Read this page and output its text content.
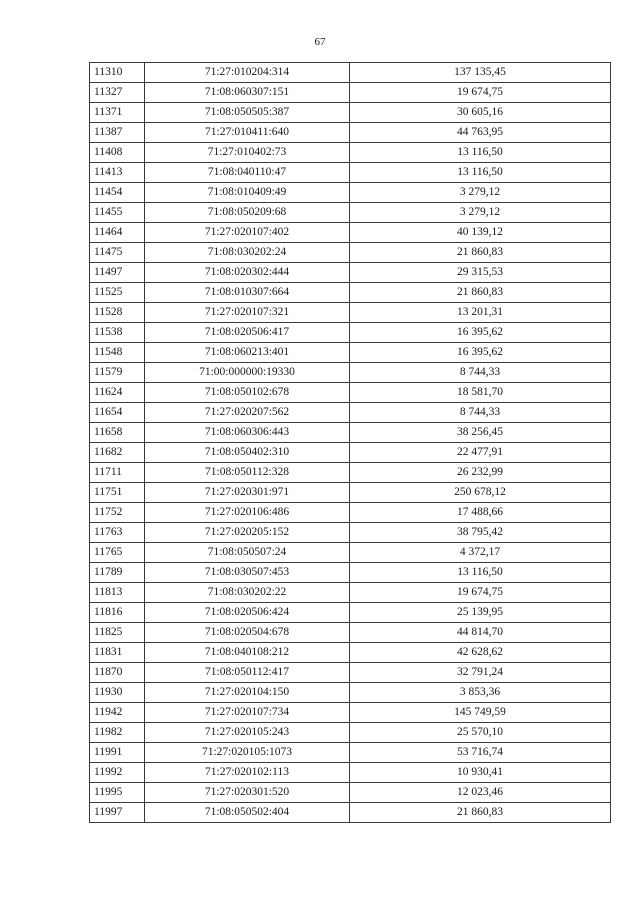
67
11310	71:27:010204:314	137 135,45
11327	71:08:060307:151	19 674,75
11371	71:08:050505:387	30 605,16
11387	71:27:010411:640	44 763,95
11408	71:27:010402:73	13 116,50
11413	71:08:040110:47	13 116,50
11454	71:08:010409:49	3 279,12
11455	71:08:050209:68	3 279,12
11464	71:27:020107:402	40 139,12
11475	71:08:030202:24	21 860,83
11497	71:08:020302:444	29 315,53
11525	71:08:010307:664	21 860,83
11528	71:27:020107:321	13 201,31
11538	71:08:020506:417	16 395,62
11548	71:08:060213:401	16 395,62
11579	71:00:000000:19330	8 744,33
11624	71:08:050102:678	18 581,70
11654	71:27:020207:562	8 744,33
11658	71:08:060306:443	38 256,45
11682	71:08:050402:310	22 477,91
11711	71:08:050112:328	26 232,99
11751	71:27:020301:971	250 678,12
11752	71:27:020106:486	17 488,66
11763	71:27:020205:152	38 795,42
11765	71:08:050507:24	4 372,17
11789	71:08:030507:453	13 116,50
11813	71:08:030202:22	19 674,75
11816	71:08:020506:424	25 139,95
11825	71:08:020504:678	44 814,70
11831	71:08:040108:212	42 628,62
11870	71:08:050112:417	32 791,24
11930	71:27:020104:150	3 853,36
11942	71:27:020107:734	145 749,59
11982	71:27:020105:243	25 570,10
11991	71:27:020105:1073	53 716,74
11992	71:27:020102:113	10 930,41
11995	71:27:020301:520	12 023,46
11997	71:08:050502:404	21 860,83
